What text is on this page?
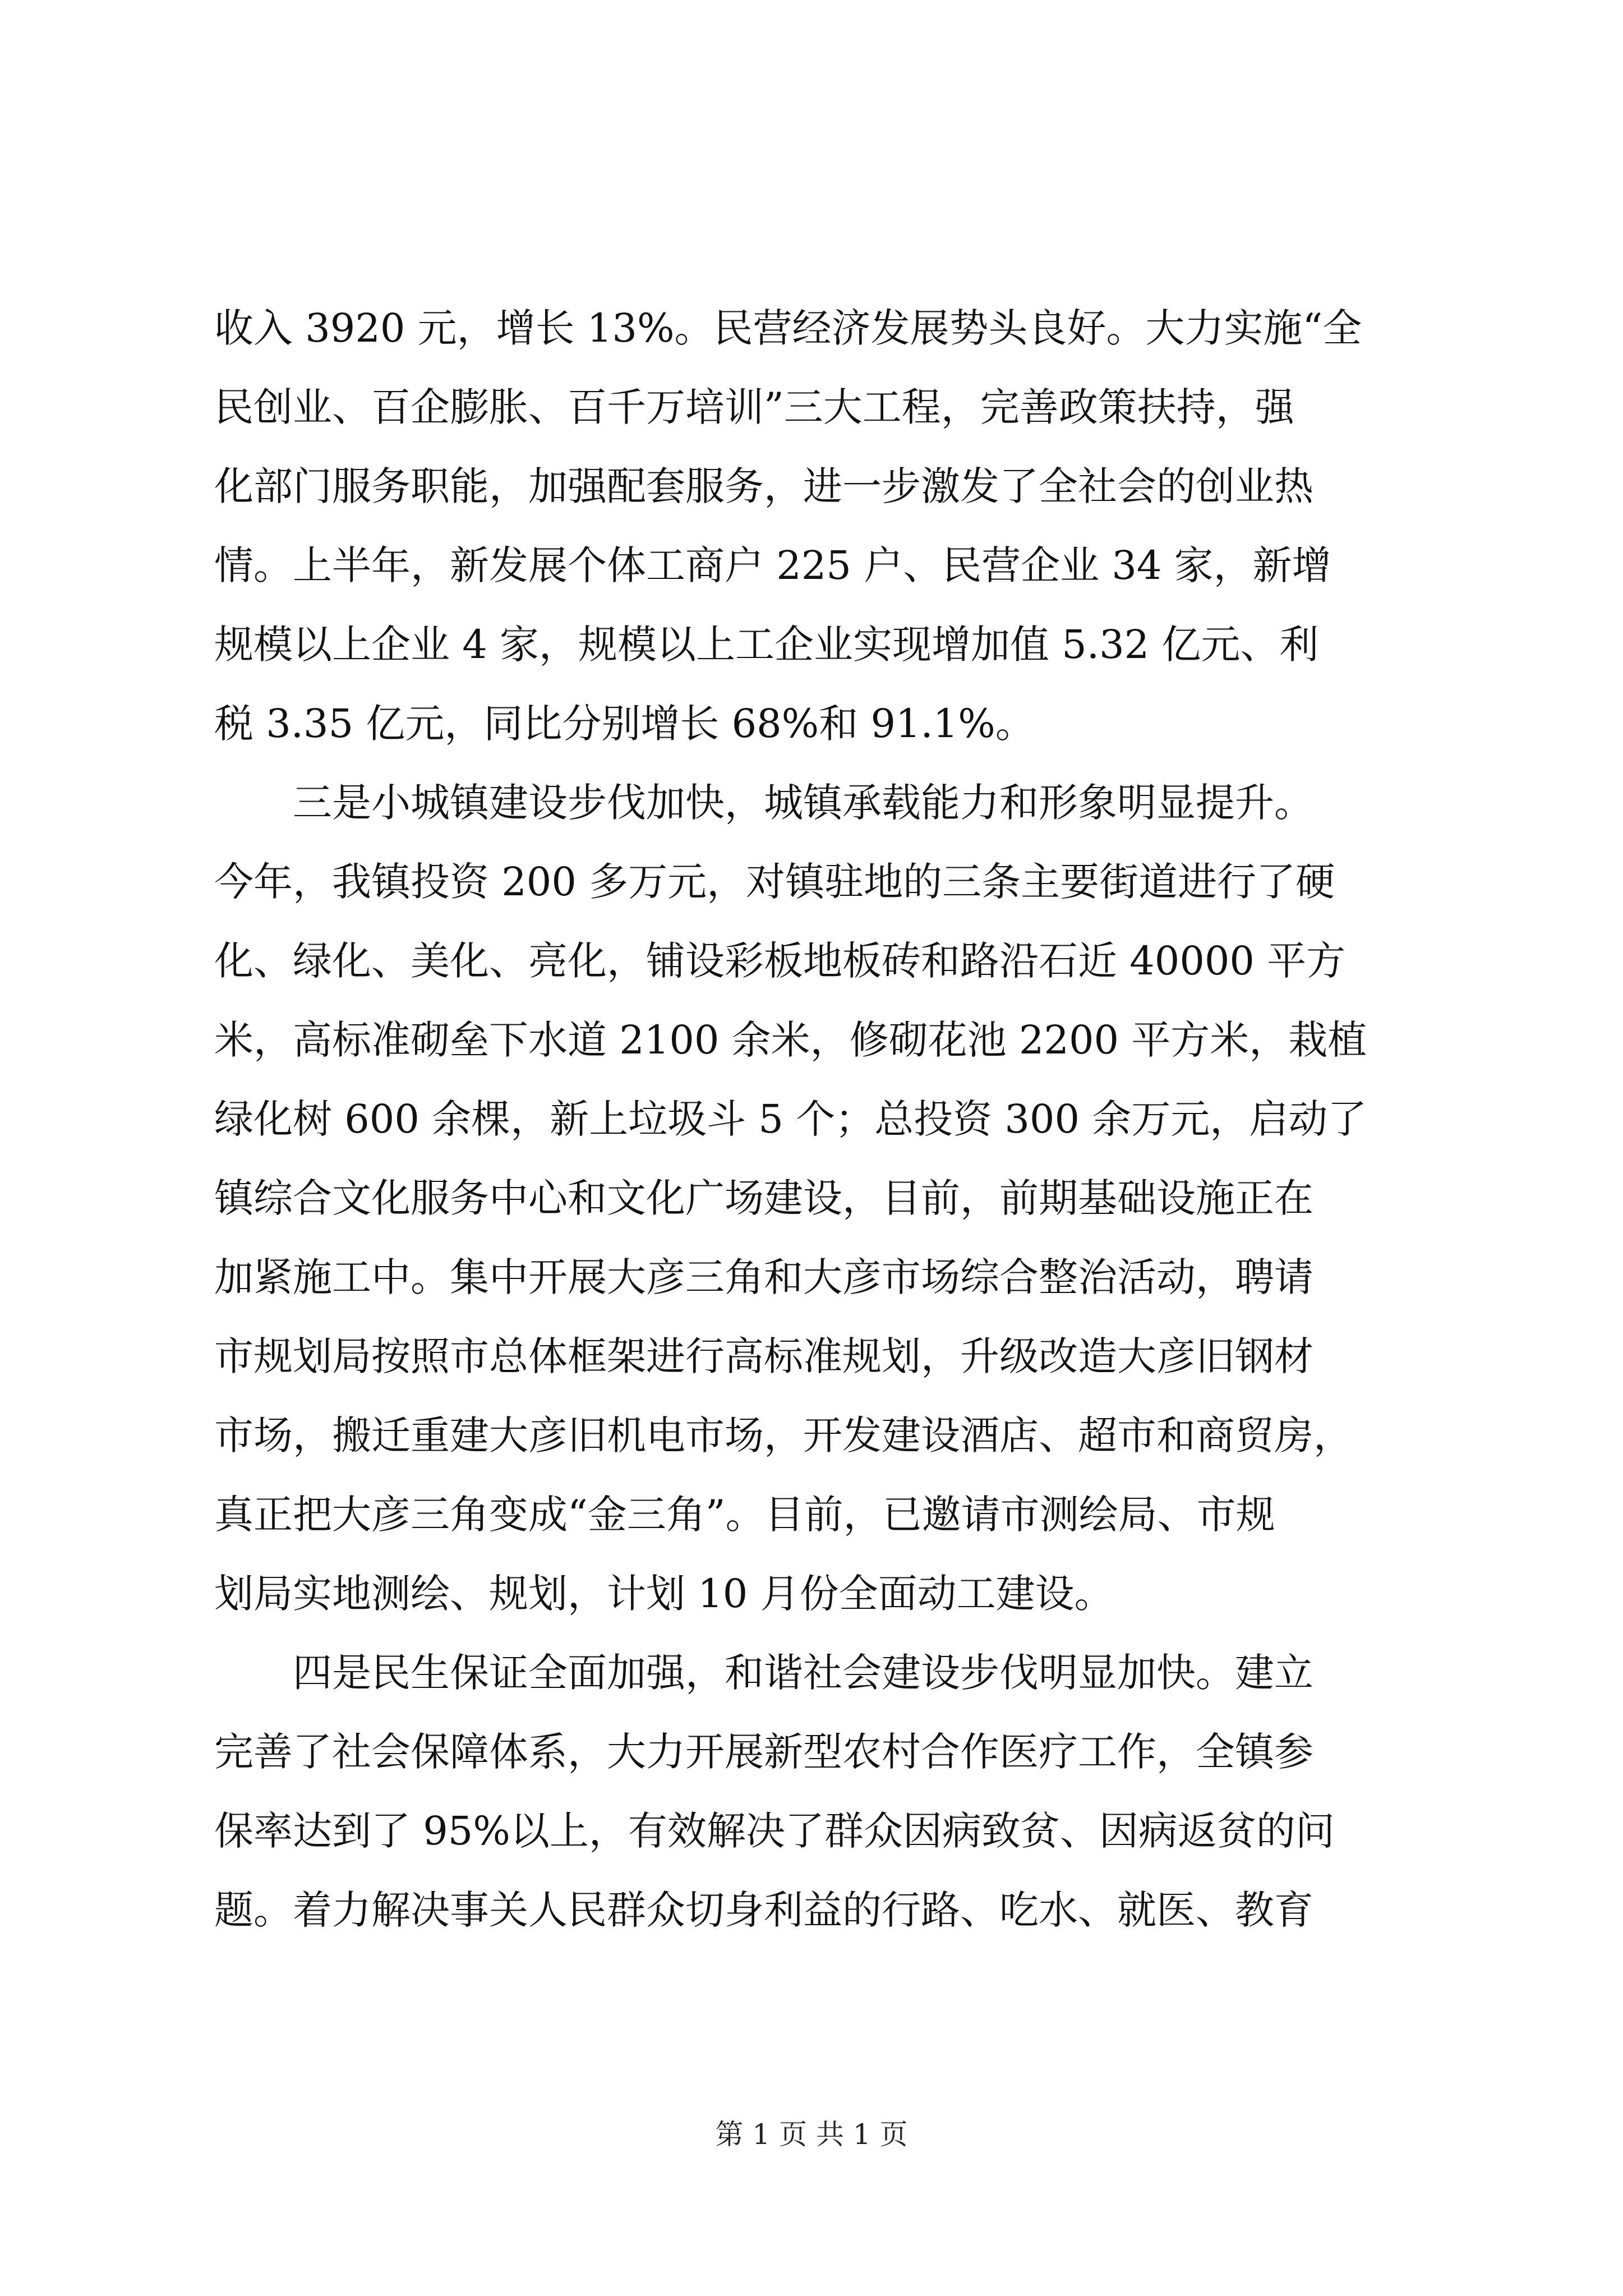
收入 3920 元，增长 13%。民营经济发展势头良好。大力实施“全
民创业、百企膨胀、百千万培训”三大工程，完善政策扶持，强
化部门服务职能，加强配套服务，进一步激发了全社会的创业热
情。上半年，新发展个体工商户 225 户、民营企业 34 家，新增
规模以上企业 4 家，规模以上工企业实现增加值 5.32 亿元、利
税 3.35 亿元，同比分别增长 68%和 91.1%。
　　三是小城镇建设步伐加快，城镇承载能力和形象明显提升。
今年，我镇投资 200 多万元，对镇驻地的三条主要街道进行了硬
化、绿化、美化、亮化，铺设彩板地板砖和路沿石近 40000 平方
米，高标准砌垒下水道 2100 余米，修砌花池 2200 平方米，栽植
绿化树 600 余棵，新上垃圾斗 5 个；总投资 300 余万元，启动了
镇综合文化服务中心和文化广场建设，目前，前期基础设施正在
加紧施工中。集中开展大彦三角和大彦市场综合整治活动，聘请
市规划局按照市总体框架进行高标准规划，升级改造大彦旧钢材
市场，搬迁重建大彦旧机电市场，开发建设酒店、超市和商贸房，
真正把大彦三角变成“金三角”。目前，已邀请市测绘局、市规
划局实地测绘、规划，计划 10 月份全面动工建设。
　　四是民生保证全面加强，和谐社会建设步伐明显加快。建立
完善了社会保障体系，大力开展新型农村合作医疗工作，全镇参
保率达到了 95%以上，有效解决了群众因病致贫、因病返贫的问
题。着力解决事关人民群众切身利益的行路、吃水、就医、教育
第 1 页 共 1 页
